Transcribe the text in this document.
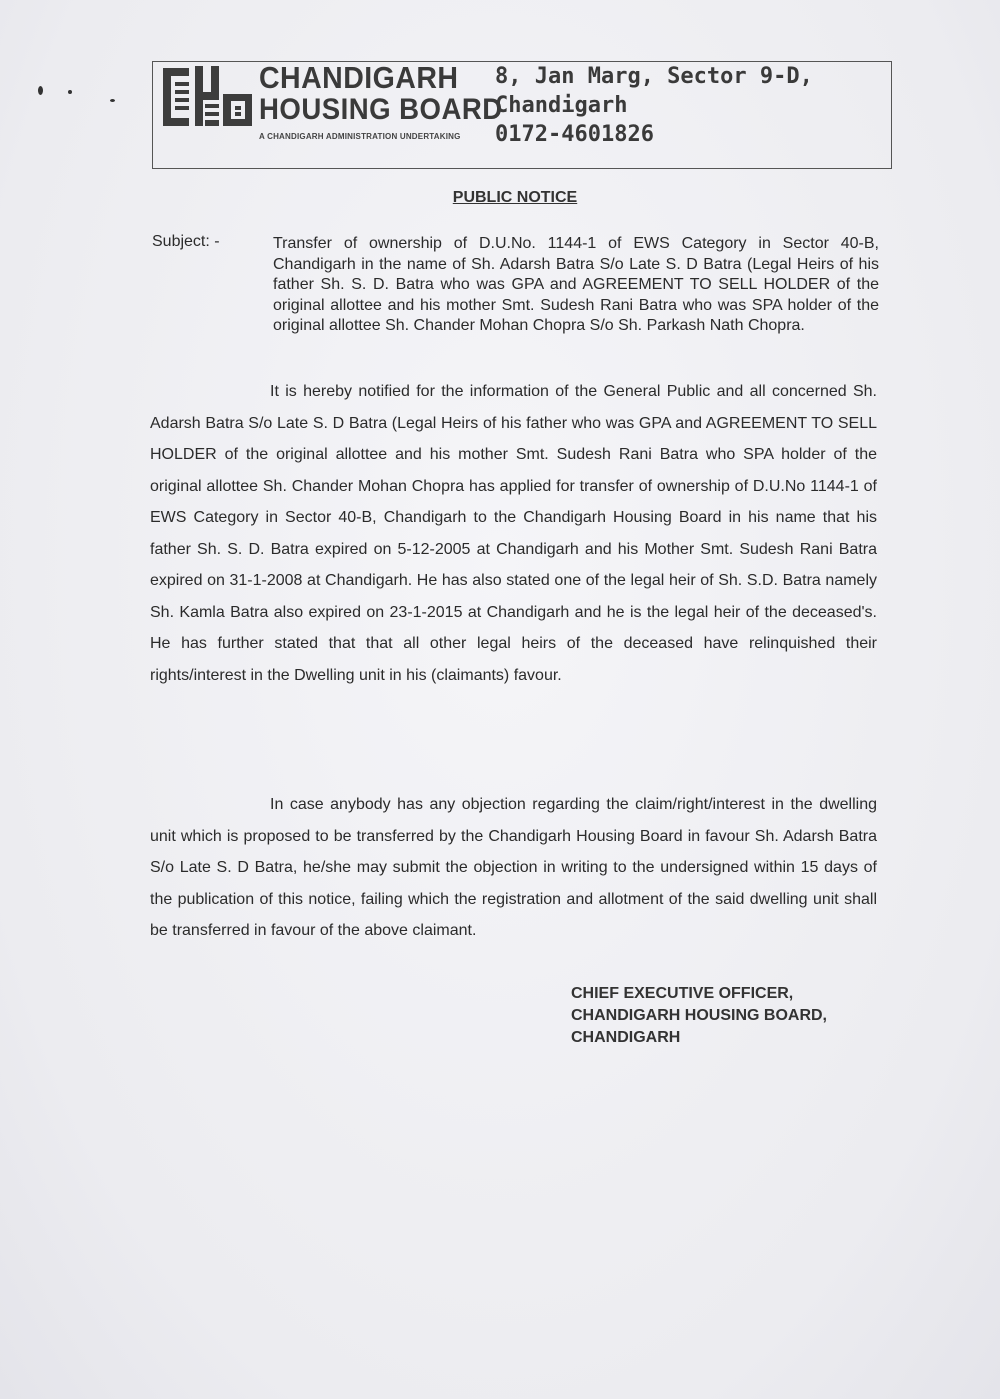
CHANDIGARH
HOUSING BOARD
A CHANDIGARH ADMINISTRATION UNDERTAKING
8, Jan Marg, Sector 9-D,
Chandigarh
0172-4601826
PUBLIC NOTICE
Subject: -	Transfer of ownership of D.U.No. 1144-1 of EWS Category in Sector 40-B, Chandigarh in the name of Sh. Adarsh Batra S/o Late S. D Batra (Legal Heirs of his father Sh. S. D. Batra who was GPA and AGREEMENT TO SELL HOLDER of the original allottee and his mother Smt. Sudesh Rani Batra who was SPA holder of the original allottee Sh. Chander Mohan Chopra S/o Sh. Parkash Nath Chopra.
It is hereby notified for the information of the General Public and all concerned Sh. Adarsh Batra S/o Late S. D Batra (Legal Heirs of his father who was GPA and AGREEMENT TO SELL HOLDER of the original allottee and his mother Smt. Sudesh Rani Batra who SPA holder of the original allottee Sh. Chander Mohan Chopra has applied for transfer of ownership of D.U.No 1144-1 of EWS Category in Sector 40-B, Chandigarh to the Chandigarh Housing Board in his name that his father Sh. S. D. Batra expired on 5-12-2005 at Chandigarh and his Mother Smt. Sudesh Rani Batra expired on 31-1-2008 at Chandigarh. He has also stated one of the legal heir of Sh. S.D. Batra namely Sh. Kamla Batra also expired on 23-1-2015 at Chandigarh and he is the legal heir of the deceased's. He has further stated that that all other legal heirs of the deceased have relinquished their rights/interest in the Dwelling unit in his (claimants) favour.
In case anybody has any objection regarding the claim/right/interest in the dwelling unit which is proposed to be transferred by the Chandigarh Housing Board in favour Sh. Adarsh Batra S/o Late S. D Batra, he/she may submit the objection in writing to the undersigned within 15 days of the publication of this notice, failing which the registration and allotment of the said dwelling unit shall be transferred in favour of the above claimant.
CHIEF EXECUTIVE OFFICER,
CHANDIGARH HOUSING BOARD,
CHANDIGARH
